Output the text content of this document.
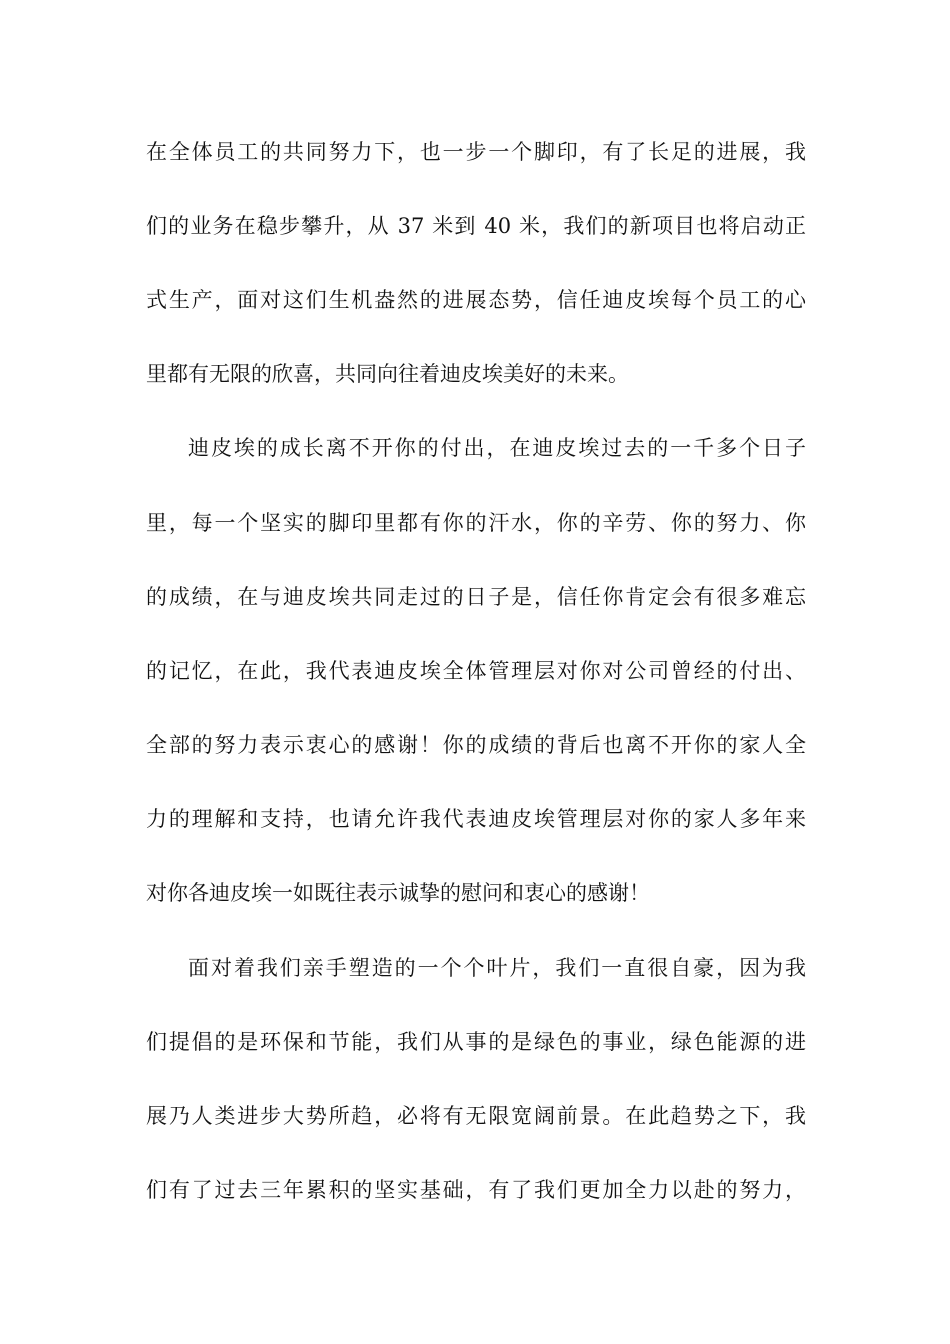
在全体员工的共同努力下，也一步一个脚印，有了长足的进展，我
们的业务在稳步攀升，从 37 米到 40 米，我们的新项目也将启动正
式生产，面对这们生机盎然的进展态势，信任迪皮埃每个员工的心
里都有无限的欣喜，共同向往着迪皮埃美好的未来。
迪皮埃的成长离不开你的付出，在迪皮埃过去的一千多个日子
里，每一个坚实的脚印里都有你的汗水，你的辛劳、你的努力、你
的成绩，在与迪皮埃共同走过的日子是，信任你肯定会有很多难忘
的记忆，在此，我代表迪皮埃全体管理层对你对公司曾经的付出、
全部的努力表示衷心的感谢！你的成绩的背后也离不开你的家人全
力的理解和支持，也请允许我代表迪皮埃管理层对你的家人多年来
对你各迪皮埃一如既往表示诚挚的慰问和衷心的感谢！
面对着我们亲手塑造的一个个叶片，我们一直很自豪，因为我
们提倡的是环保和节能，我们从事的是绿色的事业，绿色能源的进
展乃人类进步大势所趋，必将有无限宽阔前景。在此趋势之下，我
们有了过去三年累积的坚实基础，有了我们更加全力以赴的努力，
